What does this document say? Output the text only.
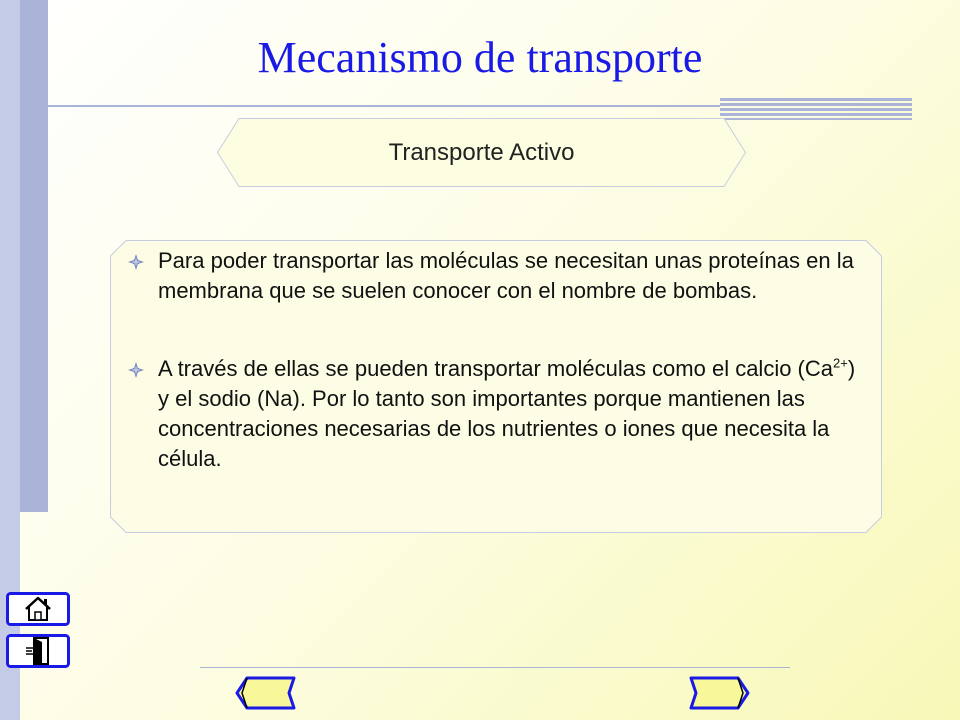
Mecanismo de transporte
Transporte Activo
Para poder transportar las moléculas se necesitan unas proteínas en la membrana que se suelen conocer con el nombre de bombas.
A través de ellas se pueden transportar moléculas como el calcio $(Ca^{2+})$ y el sodio (Na). Por lo tanto son importantes porque mantienen las concentraciones necesarias de los nutrientes o iones que necesita la célula.
